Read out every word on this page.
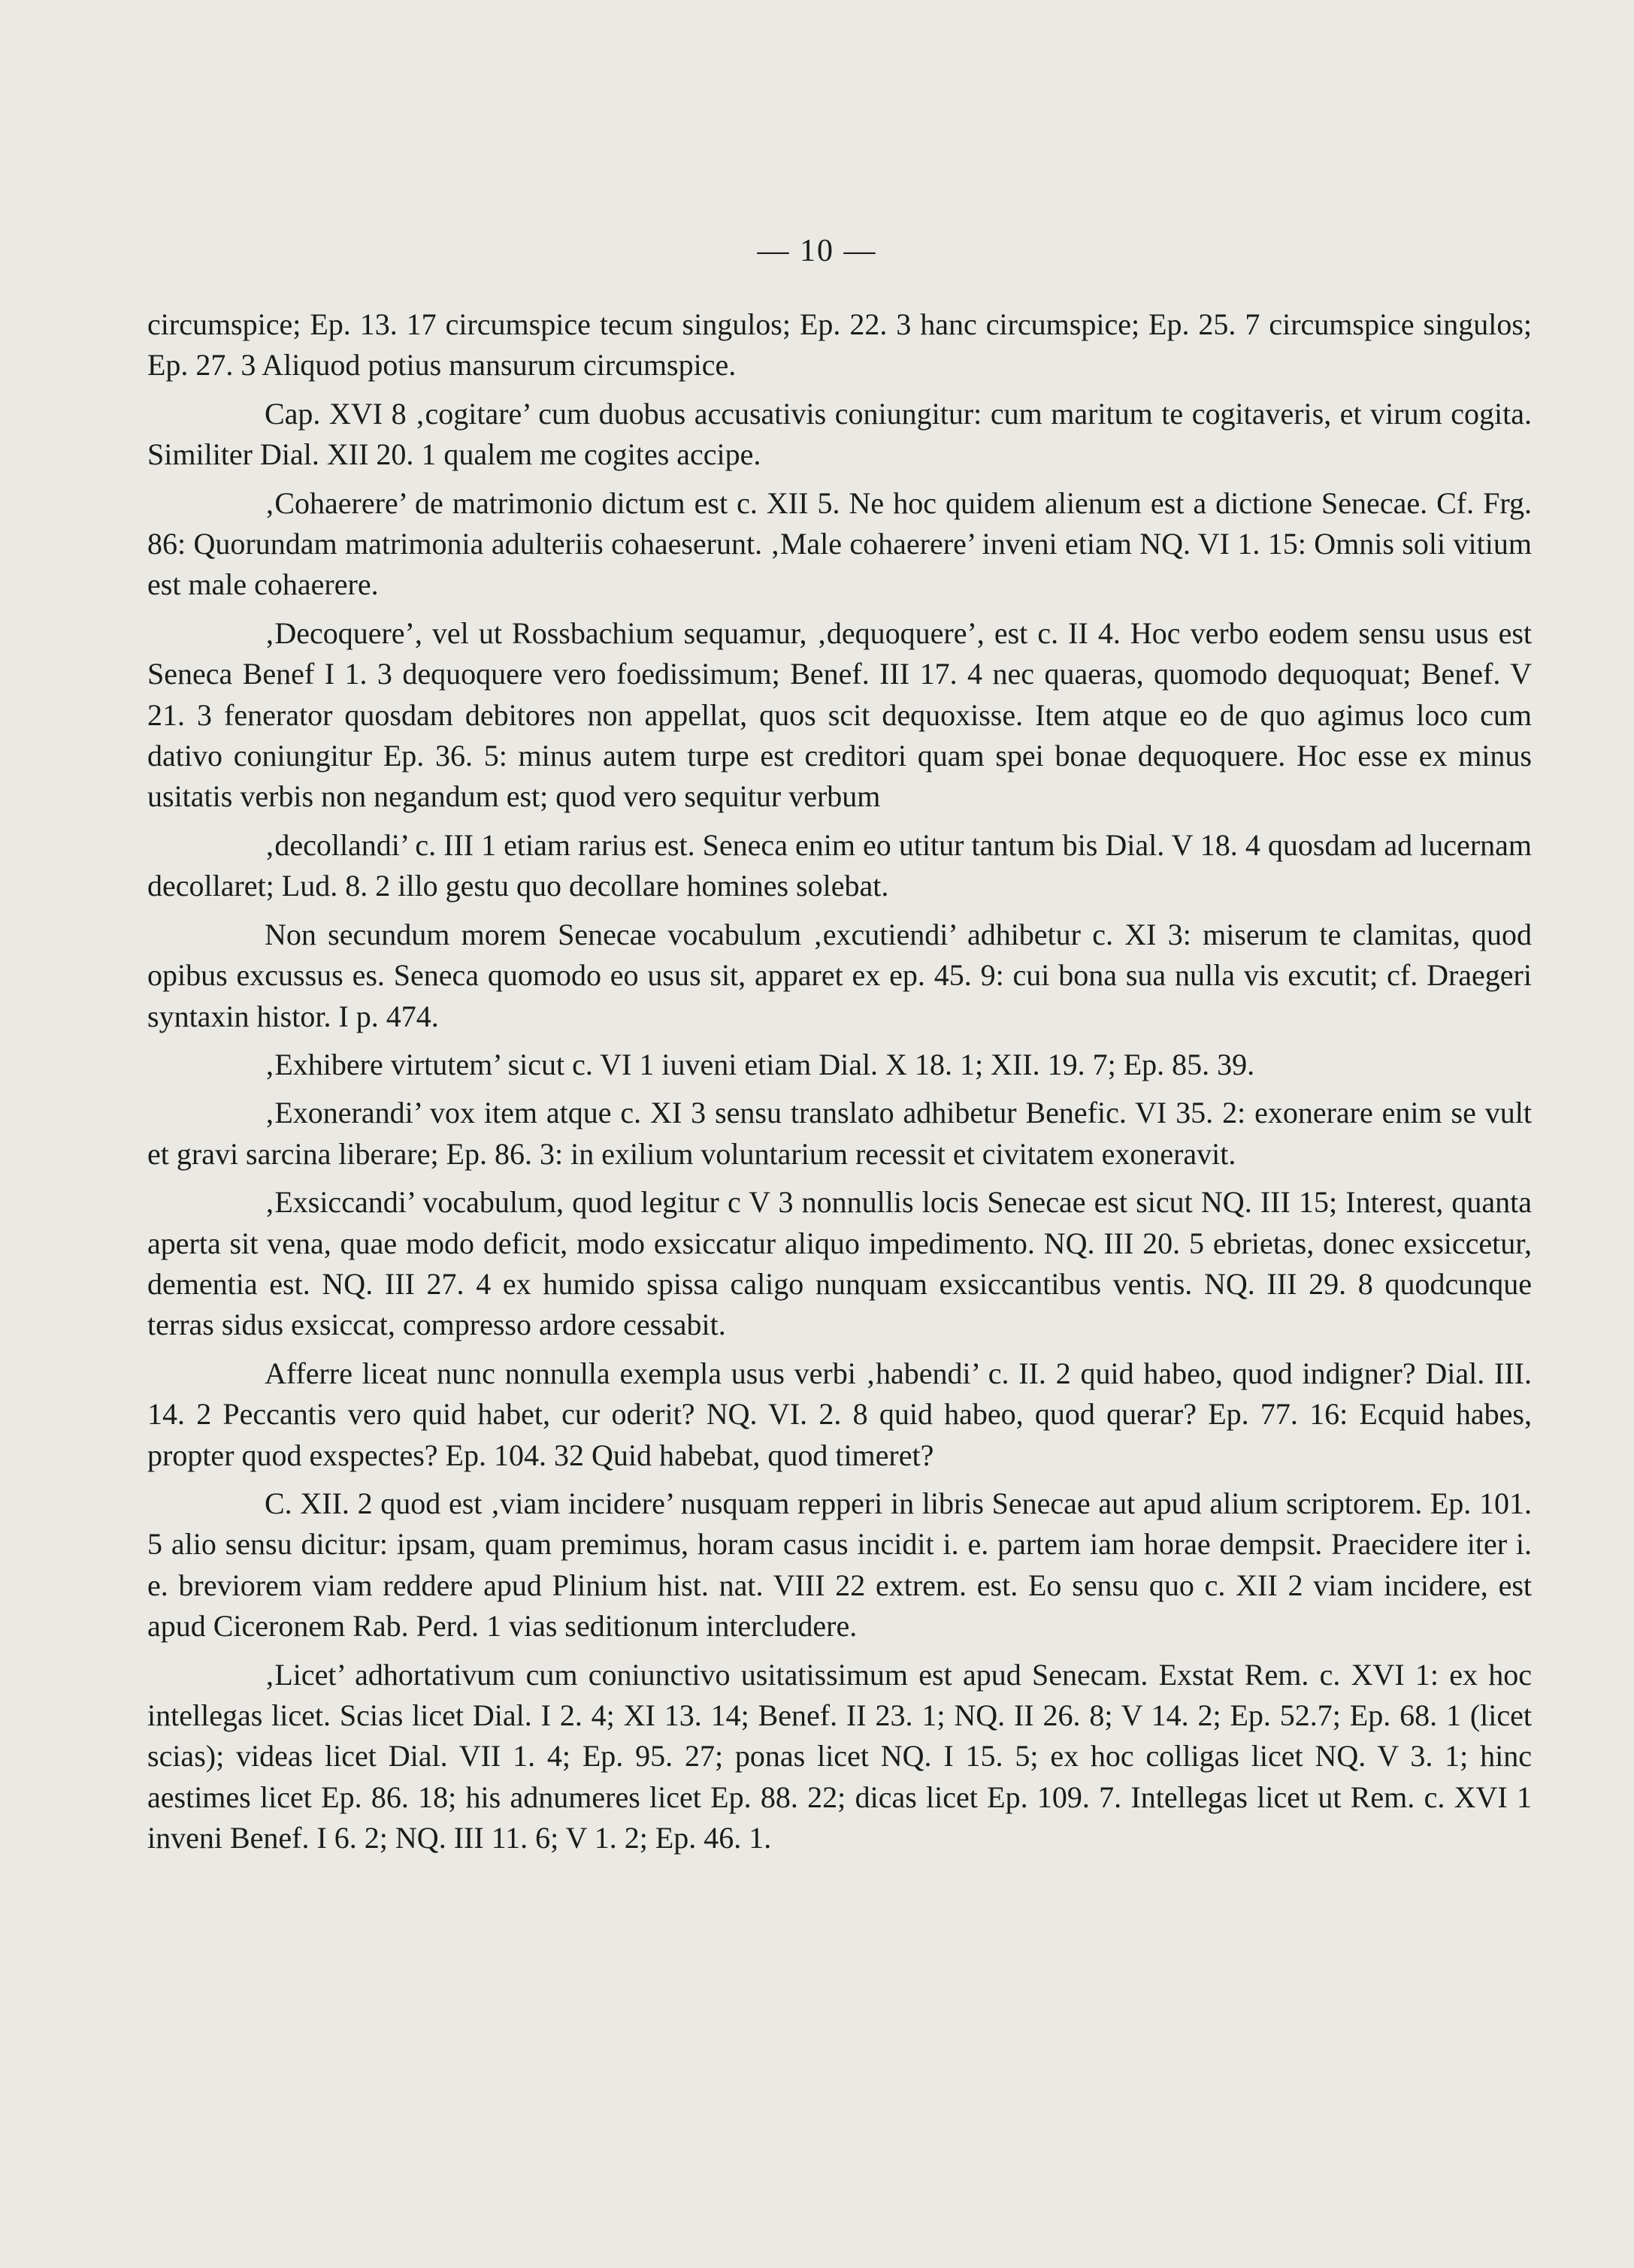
— 10 —

circumspice; Ep. 13. 17 circumspice tecum singulos; Ep. 22. 3 hanc circumspice; Ep. 25. 7 circumspice singulos; Ep. 27. 3 Aliquod potius mansurum circumspice.

Cap. XVI 8 ‚cogitare’ cum duobus accusativis coniungitur: cum maritum te cogitaveris, et virum cogita. Similiter Dial. XII 20. 1 qualem me cogites accipe.

‚Cohaerere’ de matrimonio dictum est c. XII 5. Ne hoc quidem alienum est a dictione Senecae. Cf. Frg. 86: Quorundam matrimonia adulteriis cohaeserunt. ‚Male cohaerere’ inveni etiam NQ. VI 1. 15: Omnis soli vitium est male cohaerere.

‚Decoquere’, vel ut Rossbachium sequamur, ‚dequoquere’, est c. II 4. Hoc verbo eodem sensu usus est Seneca Benef I 1. 3 dequoquere vero foedissimum; Benef. III 17. 4 nec quaeras, quomodo dequoquat; Benef. V 21. 3 fenerator quosdam debitores non appellat, quos scit dequoxisse. Item atque eo de quo agimus loco cum dativo coniungitur Ep. 36. 5: minus autem turpe est creditori quam spei bonae dequoquere. Hoc esse ex minus usitatis verbis non negandum est; quod vero sequitur verbum

‚decollandi’ c. III 1 etiam rarius est. Seneca enim eo utitur tantum bis Dial. V 18. 4 quosdam ad lucernam decollaret; Lud. 8. 2 illo gestu quo decollare homines solebat.

Non secundum morem Senecae vocabulum ‚excutiendi’ adhibetur c. XI 3: miserum te clamitas, quod opibus excussus es. Seneca quomodo eo usus sit, apparet ex ep. 45. 9: cui bona sua nulla vis excutit; cf. Draegeri syntaxin histor. I p. 474.

‚Exhibere virtutem’ sicut c. VI 1 iuveni etiam Dial. X 18. 1; XII. 19. 7; Ep. 85. 39.

‚Exonerandi’ vox item atque c. XI 3 sensu translato adhibetur Benefic. VI 35. 2: exonerare enim se vult et gravi sarcina liberare; Ep. 86. 3: in exilium voluntarium recessit et civitatem exoneravit.

‚Exsiccandi’ vocabulum, quod legitur c V 3 nonnullis locis Senecae est sicut NQ. III 15; Interest, quanta aperta sit vena, quae modo deficit, modo exsiccatur aliquo impedimento. NQ. III 20. 5 ebrietas, donec exsiccetur, dementia est. NQ. III 27. 4 ex humido spissa caligo nunquam exsiccantibus ventis. NQ. III 29. 8 quodcunque terras sidus exsiccat, compresso ardore cessabit.

Afferre liceat nunc nonnulla exempla usus verbi ‚habendi’ c. II. 2 quid habeo, quod indigner? Dial. III. 14. 2 Peccantis vero quid habet, cur oderit? NQ. VI. 2. 8 quid habeo, quod querar? Ep. 77. 16: Ecquid habes, propter quod exspectes? Ep. 104. 32 Quid habebat, quod timeret?

C. XII. 2 quod est ‚viam incidere’ nusquam repperi in libris Senecae aut apud alium scriptorem. Ep. 101. 5 alio sensu dicitur: ipsam, quam premimus, horam casus incidit i. e. partem iam horae dempsit. Praecidere iter i. e. breviorem viam reddere apud Plinium hist. nat. VIII 22 extrem. est. Eo sensu quo c. XII 2 viam incidere, est apud Ciceronem Rab. Perd. 1 vias seditionum intercludere.

‚Licet’ adhortativum cum coniunctivo usitatissimum est apud Senecam. Exstat Rem. c. XVI 1: ex hoc intellegas licet. Scias licet Dial. I 2. 4; XI 13. 14; Benef. II 23. 1; NQ. II 26. 8; V 14. 2; Ep. 52.7; Ep. 68. 1 (licet scias); videas licet Dial. VII 1. 4; Ep. 95. 27; ponas licet NQ. I 15. 5; ex hoc colligas licet NQ. V 3. 1; hinc aestimes licet Ep. 86. 18; his adnumeres licet Ep. 88. 22; dicas licet Ep. 109. 7. Intellegas licet ut Rem. c. XVI 1 inveni Benef. I 6. 2; NQ. III 11. 6; V 1. 2; Ep. 46. 1.
